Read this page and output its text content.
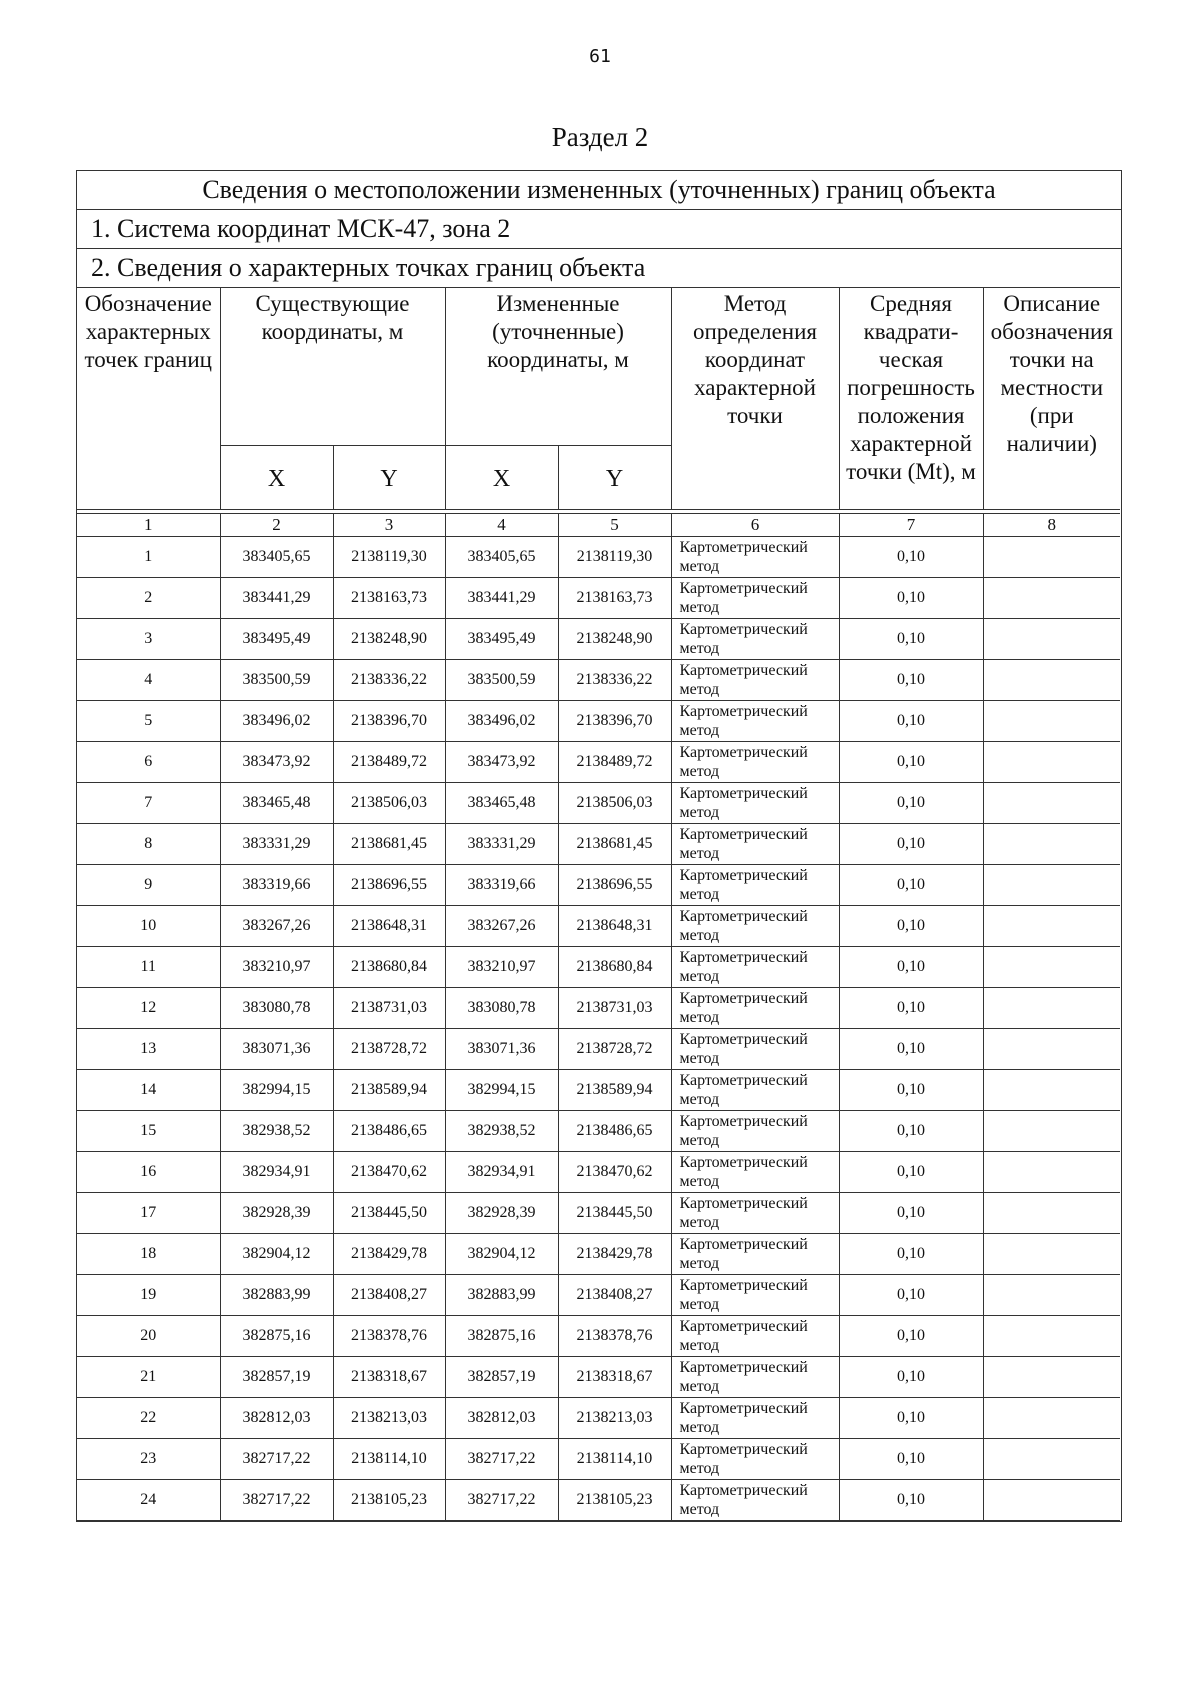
61
Раздел 2
Сведения о местоположении измененных (уточненных) границ объекта
1. Система координат МСК-47, зона 2
2. Сведения о характерных точках границ объекта
Обозначение характерных точек границ	Существующие координаты, м		Измененные (уточненные) координаты, м		Метод определения координат характерной точки	Средняя квадрати-ческая погрешность положения характерной точки (Mt), м	Описание обозначения точки на местности (при наличии)
	X	Y	X	Y			
1	2	3	4	5	6	7	8
1	383405,65	2138119,30	383405,65	2138119,30	Картометрический метод	0,10	
2	383441,29	2138163,73	383441,29	2138163,73	Картометрический метод	0,10	
3	383495,49	2138248,90	383495,49	2138248,90	Картометрический метод	0,10	
4	383500,59	2138336,22	383500,59	2138336,22	Картометрический метод	0,10	
5	383496,02	2138396,70	383496,02	2138396,70	Картометрический метод	0,10	
6	383473,92	2138489,72	383473,92	2138489,72	Картометрический метод	0,10	
7	383465,48	2138506,03	383465,48	2138506,03	Картометрический метод	0,10	
8	383331,29	2138681,45	383331,29	2138681,45	Картометрический метод	0,10	
9	383319,66	2138696,55	383319,66	2138696,55	Картометрический метод	0,10	
10	383267,26	2138648,31	383267,26	2138648,31	Картометрический метод	0,10	
11	383210,97	2138680,84	383210,97	2138680,84	Картометрический метод	0,10	
12	383080,78	2138731,03	383080,78	2138731,03	Картометрический метод	0,10	
13	383071,36	2138728,72	383071,36	2138728,72	Картометрический метод	0,10	
14	382994,15	2138589,94	382994,15	2138589,94	Картометрический метод	0,10	
15	382938,52	2138486,65	382938,52	2138486,65	Картометрический метод	0,10	
16	382934,91	2138470,62	382934,91	2138470,62	Картометрический метод	0,10	
17	382928,39	2138445,50	382928,39	2138445,50	Картометрический метод	0,10	
18	382904,12	2138429,78	382904,12	2138429,78	Картометрический метод	0,10	
19	382883,99	2138408,27	382883,99	2138408,27	Картометрический метод	0,10	
20	382875,16	2138378,76	382875,16	2138378,76	Картометрический метод	0,10	
21	382857,19	2138318,67	382857,19	2138318,67	Картометрический метод	0,10	
22	382812,03	2138213,03	382812,03	2138213,03	Картометрический метод	0,10	
23	382717,22	2138114,10	382717,22	2138114,10	Картометрический метод	0,10	
24	382717,22	2138105,23	382717,22	2138105,23	Картометрический метод	0,10	
